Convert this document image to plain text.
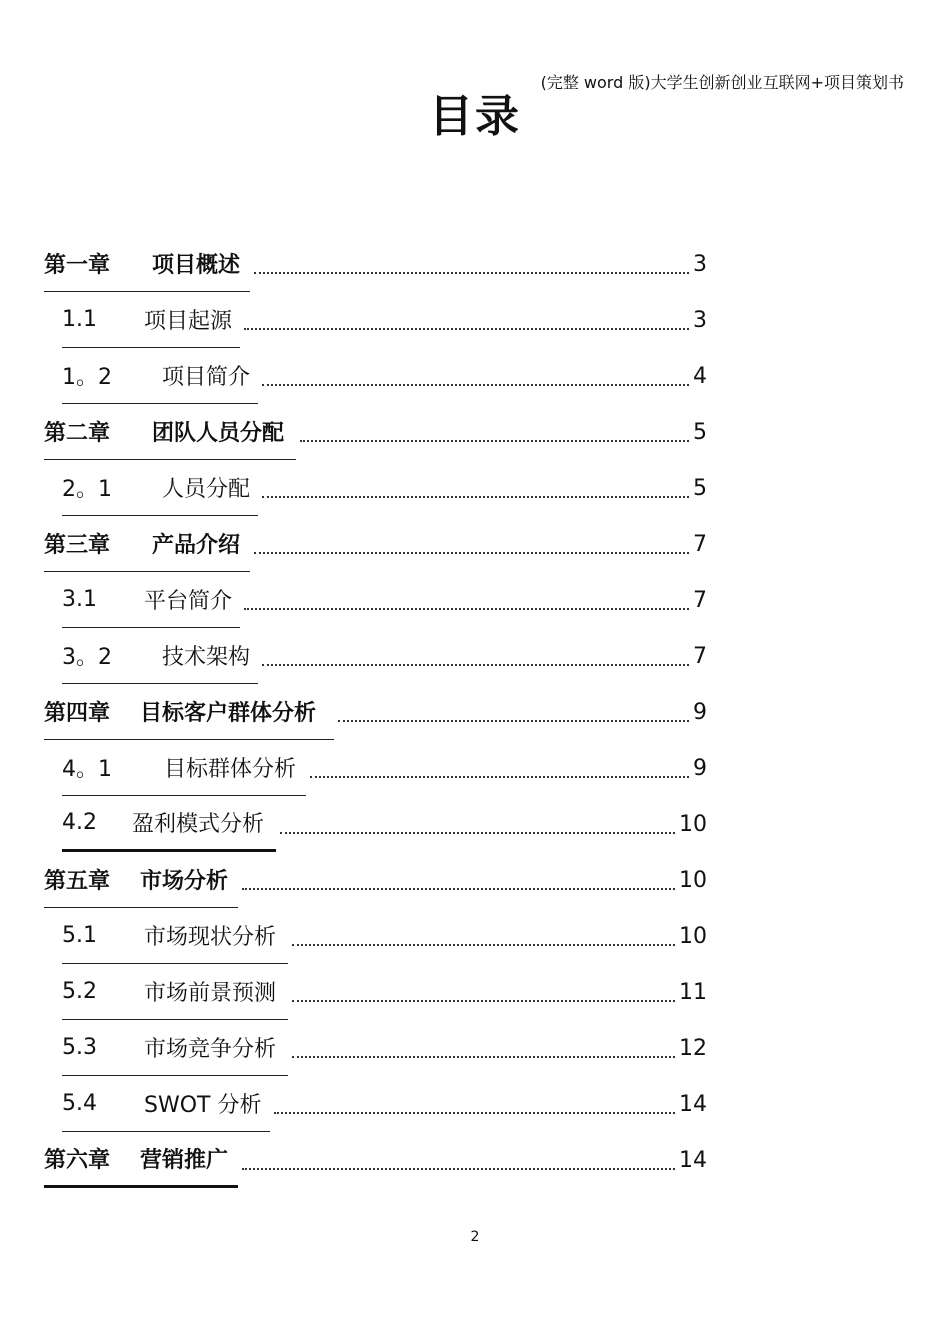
(完整 word 版)大学生创新创业互联网+项目策划书
目录
第一章	项目概述	3
1.1	项目起源	3
1。2	项目简介	4
第二章	团队人员分配	5
2。1	人员分配	5
第三章	产品介绍	7
3.1	平台简介	7
3。2	技术架构	7
第四章	目标客户群体分析	9
4。1	目标群体分析	9
4.2	盈利模式分析	10
第五章	市场分析	10
5.1	市场现状分析	10
5.2	市场前景预测	11
5.3	市场竞争分析	12
5.4	SWOT 分析	14
第六章	营销推广	14
2
